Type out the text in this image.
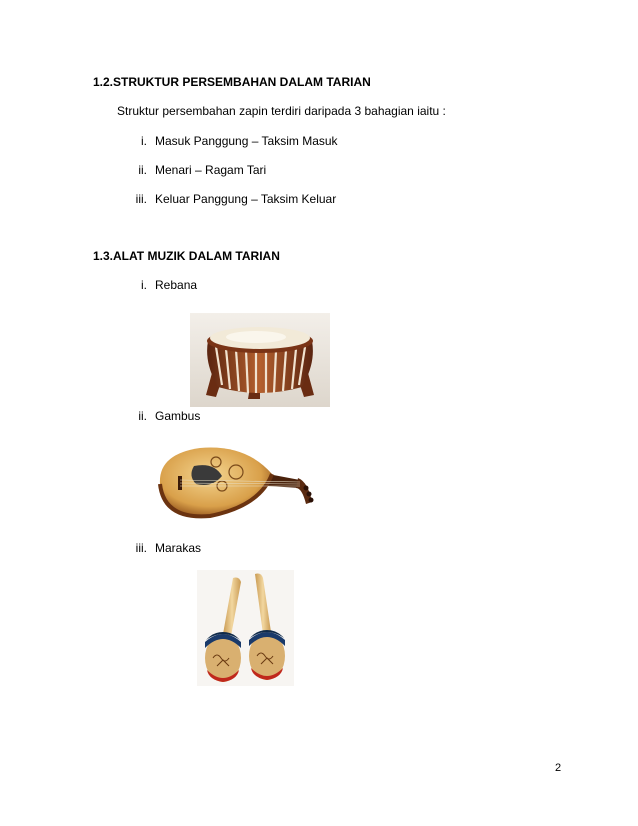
1.2.STRUKTUR PERSEMBAHAN DALAM TARIAN
Struktur persembahan zapin terdiri daripada 3 bahagian iaitu :
i. Masuk Panggung – Taksim Masuk
ii. Menari – Ragam Tari
iii. Keluar Panggung – Taksim Keluar
1.3.ALAT MUZIK DALAM TARIAN
i. Rebana
ii. Gambus
iii. Marakas
2
